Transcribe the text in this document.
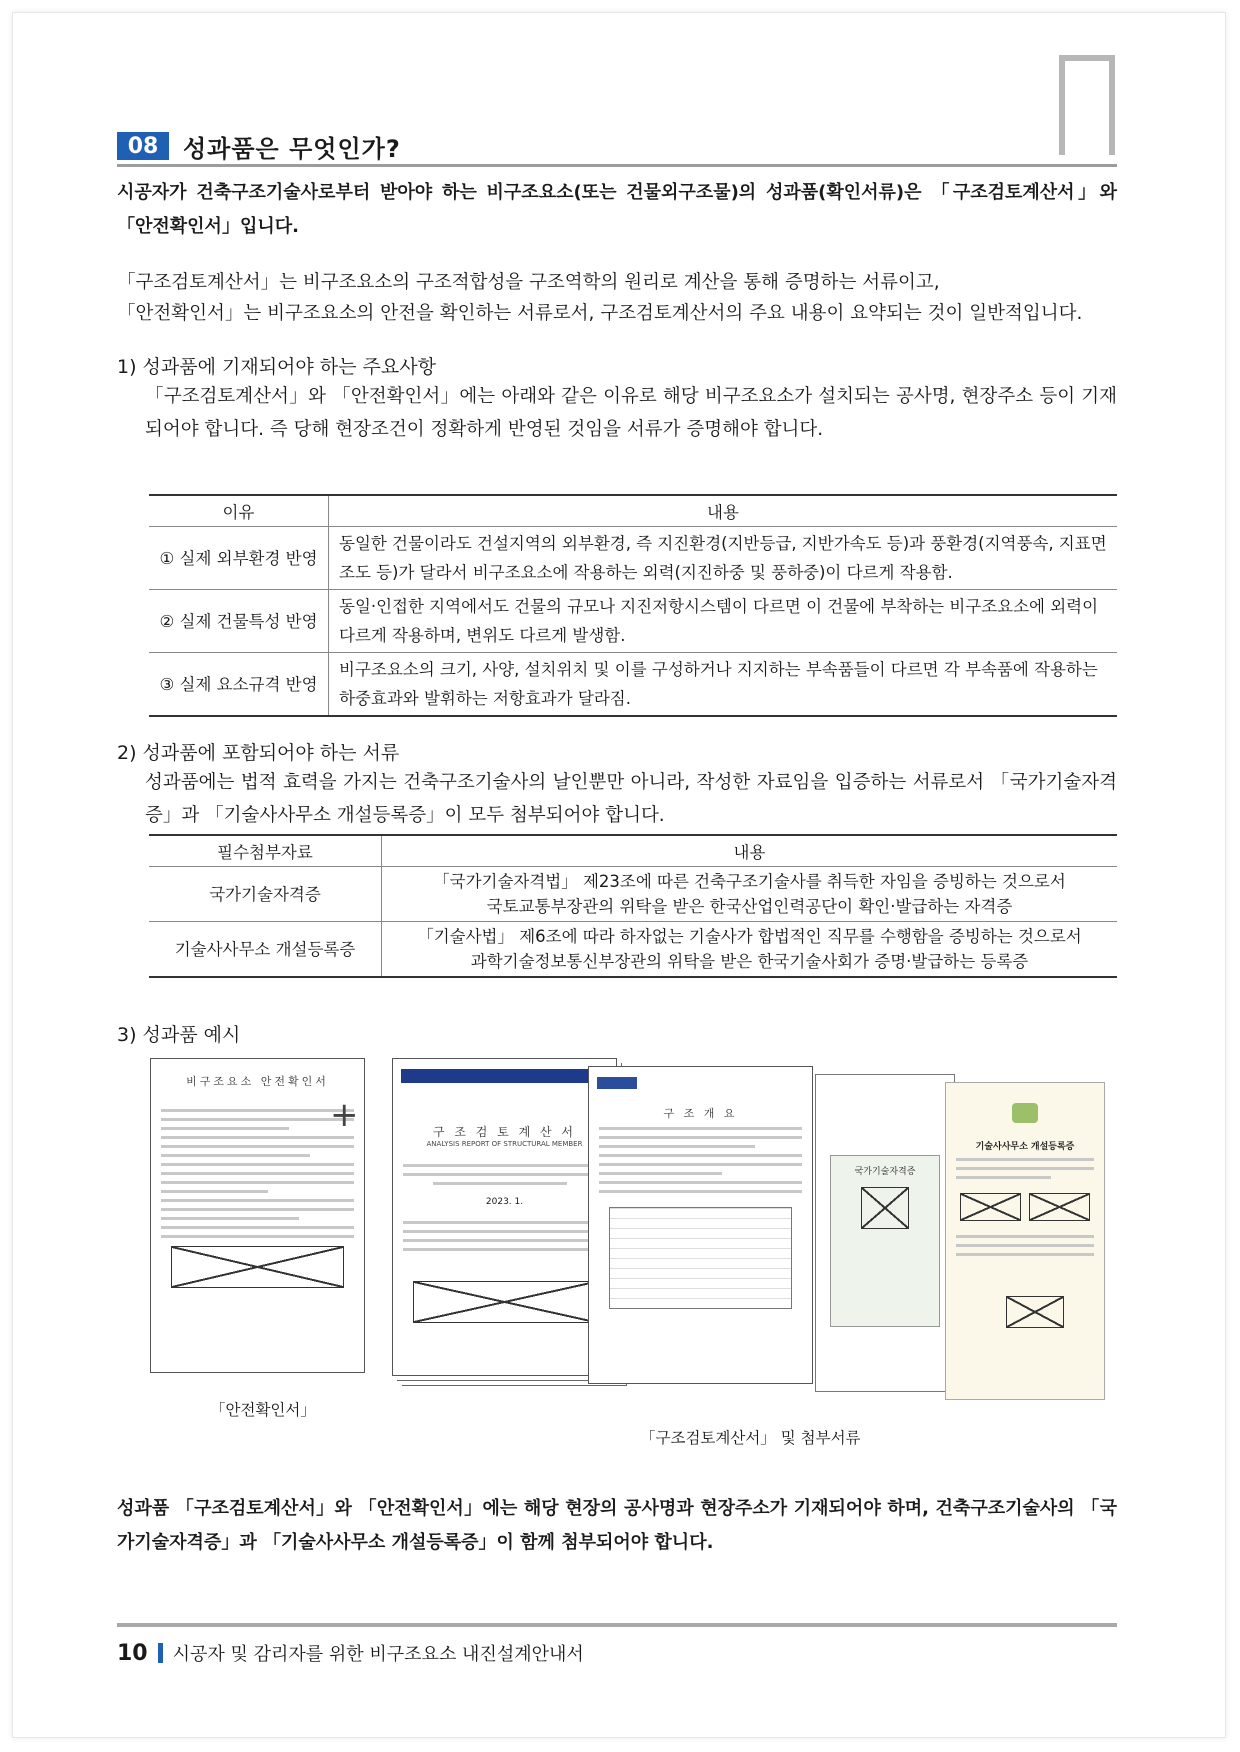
08	성과품은 무엇인가?
시공자가 건축구조기술사로부터 받아야 하는 비구조요소(또는 건물외구조물)의 성과품(확인서류)은 「구조검토계산서」와 「안전확인서」입니다.
「구조검토계산서」는 비구조요소의 구조적합성을 구조역학의 원리로 계산을 통해 증명하는 서류이고,
「안전확인서」는 비구조요소의 안전을 확인하는 서류로서, 구조검토계산서의 주요 내용이 요약되는 것이 일반적입니다.
1) 성과품에 기재되어야 하는 주요사항
「구조검토계산서」와 「안전확인서」에는 아래와 같은 이유로 해당 비구조요소가 설치되는 공사명, 현장주소 등이 기재되어야 합니다. 즉 당해 현장조건이 정확하게 반영된 것임을 서류가 증명해야 합니다.
이유	내용
① 실제 외부환경 반영	동일한 건물이라도 건설지역의 외부환경, 즉 지진환경(지반등급, 지반가속도 등)과 풍환경(지역풍속, 지표면조도 등)가 달라서 비구조요소에 작용하는 외력(지진하중 및 풍하중)이 다르게 작용함.
② 실제 건물특성 반영	동일·인접한 지역에서도 건물의 규모나 지진저항시스템이 다르면 이 건물에 부착하는 비구조요소에 외력이 다르게 작용하며, 변위도 다르게 발생함.
③ 실제 요소규격 반영	비구조요소의 크기, 사양, 설치위치 및 이를 구성하거나 지지하는 부속품들이 다르면 각 부속품에 작용하는 하중효과와 발휘하는 저항효과가 달라짐.
2) 성과품에 포함되어야 하는 서류
성과품에는 법적 효력을 가지는 건축구조기술사의 날인뿐만 아니라, 작성한 자료임을 입증하는 서류로서 「국가기술자격증」과 「기술사사무소 개설등록증」이 모두 첨부되어야 합니다.
필수첨부자료	내용
국가기술자격증	「국가기술자격법」 제23조에 따른 건축구조기술사를 취득한 자임을 증빙하는 것으로서
국토교통부장관의 위탁을 받은 한국산업인력공단이 확인·발급하는 자격증

기술사사무소 개설등록증	「기술사법」 제6조에 따라 하자없는 기술사가 합법적인 직무를 수행함을 증빙하는 것으로서
과학기술정보통신부장관의 위탁을 받은 한국기술사회가 증명·발급하는 등록증
3) 성과품 예시
비구조요소 안전확인서
+	구 조 검 토 계 산 서
ANALYSIS REPORT OF STRUCTURAL MEMBER
2023. 1.
구 조 개 요
국가기술자격증
기술사사무소 개설등록증
「안전확인서」
「구조검토계산서」 및 첨부서류
성과품 「구조검토계산서」와 「안전확인서」에는 해당 현장의 공사명과 현장주소가 기재되어야 하며, 건축구조기술사의 「국가기술자격증」과 「기술사사무소 개설등록증」이 함께 첨부되어야 합니다.
10 시공자 및 감리자를 위한 비구조요소 내진설계안내서
